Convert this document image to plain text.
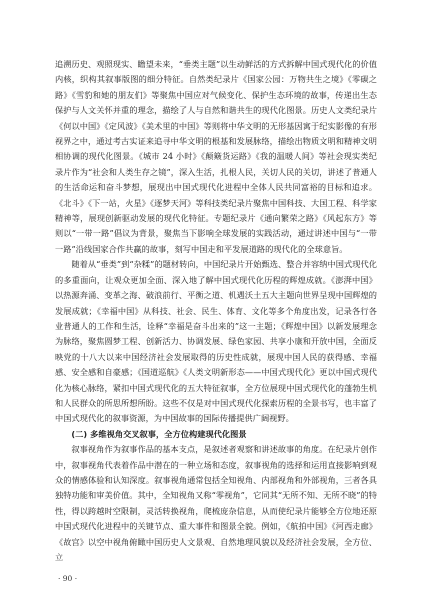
追溯历史、观照现实、瞻望未来，“垂类主题”以生动鲜活的方式拆解中国式现代化的价值内核，织构其叙事版图的细分特征。自然类纪录片《国家公园：万物共生之境》《零碳之路》《雪豹和她的朋友们》等聚焦中国应对气候变化、保护生态环境的故事，传递出生态保护与人文关怀并重的理念，描绘了人与自然和谐共生的现代化图景。历史人文类纪录片《何以中国》《定风波》《美术里的中国》等则将中华文明的无形基因寓于纪实影像的有形视界之中，通过考古实证来追寻中华文明的根基和发展脉络，描绘出物质文明和精神文明相协调的现代化图景。《城市 24 小时》《颠簸货运路》《我的温暖人间》等社会现实类纪录片作为“社会和人类生存之镜”，深入生活，扎根人民，关切人民的关切，讲述了普通人的生活命运和奋斗梦想，展现出中国式现代化进程中全体人民共同富裕的目标和追求。《北斗》《下一站，火星》《逐梦天河》等科技类纪录片聚焦中国科技、大国工程、科学家精神等，展现创新驱动发展的现代化特征。专题纪录片《通向繁荣之路》《风起东方》等则以“一带一路”倡议为背景，聚焦当下影响全球发展的实践活动，通过讲述中国与“一带一路”沿线国家合作共赢的故事，刻写中国走和平发展道路的现代化的全球意旨。

随着从“垂类”到“杂糅”的题材转向，中国纪录片开始甄选、整合并容纳中国式现代化的多重面向，让观众更加全面、深入地了解中国式现代化历程的辉煌成就。《澎湃中国》以热源奔涌、变革之海、破浪前行、平衡之道、机遇沃土五大主题向世界呈现中国辉煌的发展成就；《幸福中国》从科技、社会、民生、体育、文化等多个角度出发，记录各行各业普通人的工作和生活，诠释“幸福是奋斗出来的”这一主题；《辉煌中国》以新发展理念为脉络，聚焦圆梦工程、创新活力、协调发展、绿色家园、共享小康和开放中国，全面反映党的十八大以来中国经济社会发展取得的历史性成就，展现中国人民的获得感、幸福感、安全感和自豪感；《国道巡航》《人类文明新形态——中国式现代化》更以中国式现代化为核心脉络，紧扣中国式现代化的五大特征叙事，全方位展现中国式现代化的蓬勃生机和人民群众的所思所想所盼。这些不仅是对中国式现代化探索历程的全景书写，也丰富了中国式现代化的叙事资源，为中国故事的国际传播提供广阔视野。

(二) 多维视角交叉叙事，全方位构建现代化图景

叙事视角作为叙事作品的基本支点，是叙述者观察和讲述故事的角度。在纪录片创作中，叙事视角代表着作品中潜在的一种立场和态度，叙事视角的选择和运用直接影响到观众的情感体验和认知深度。叙事视角通常包括全知视角、内部视角和外部视角，三者各具独特功能和审美价值。其中，全知视角又称“零视角”，它同其“无所不知、无所不晓”的特性，得以跨越时空限制，灵活转换视角，爬梳庞杂信息，从而使纪录片能够全方位地还原中国式现代化进程中的关键节点、重大事件和图景全貌。例如，《航拍中国》《河西走廊》《故宫》以空中视角俯瞰中国历史人文景观、自然地理风貌以及经济社会发展，全方位、立

· 90 ·
